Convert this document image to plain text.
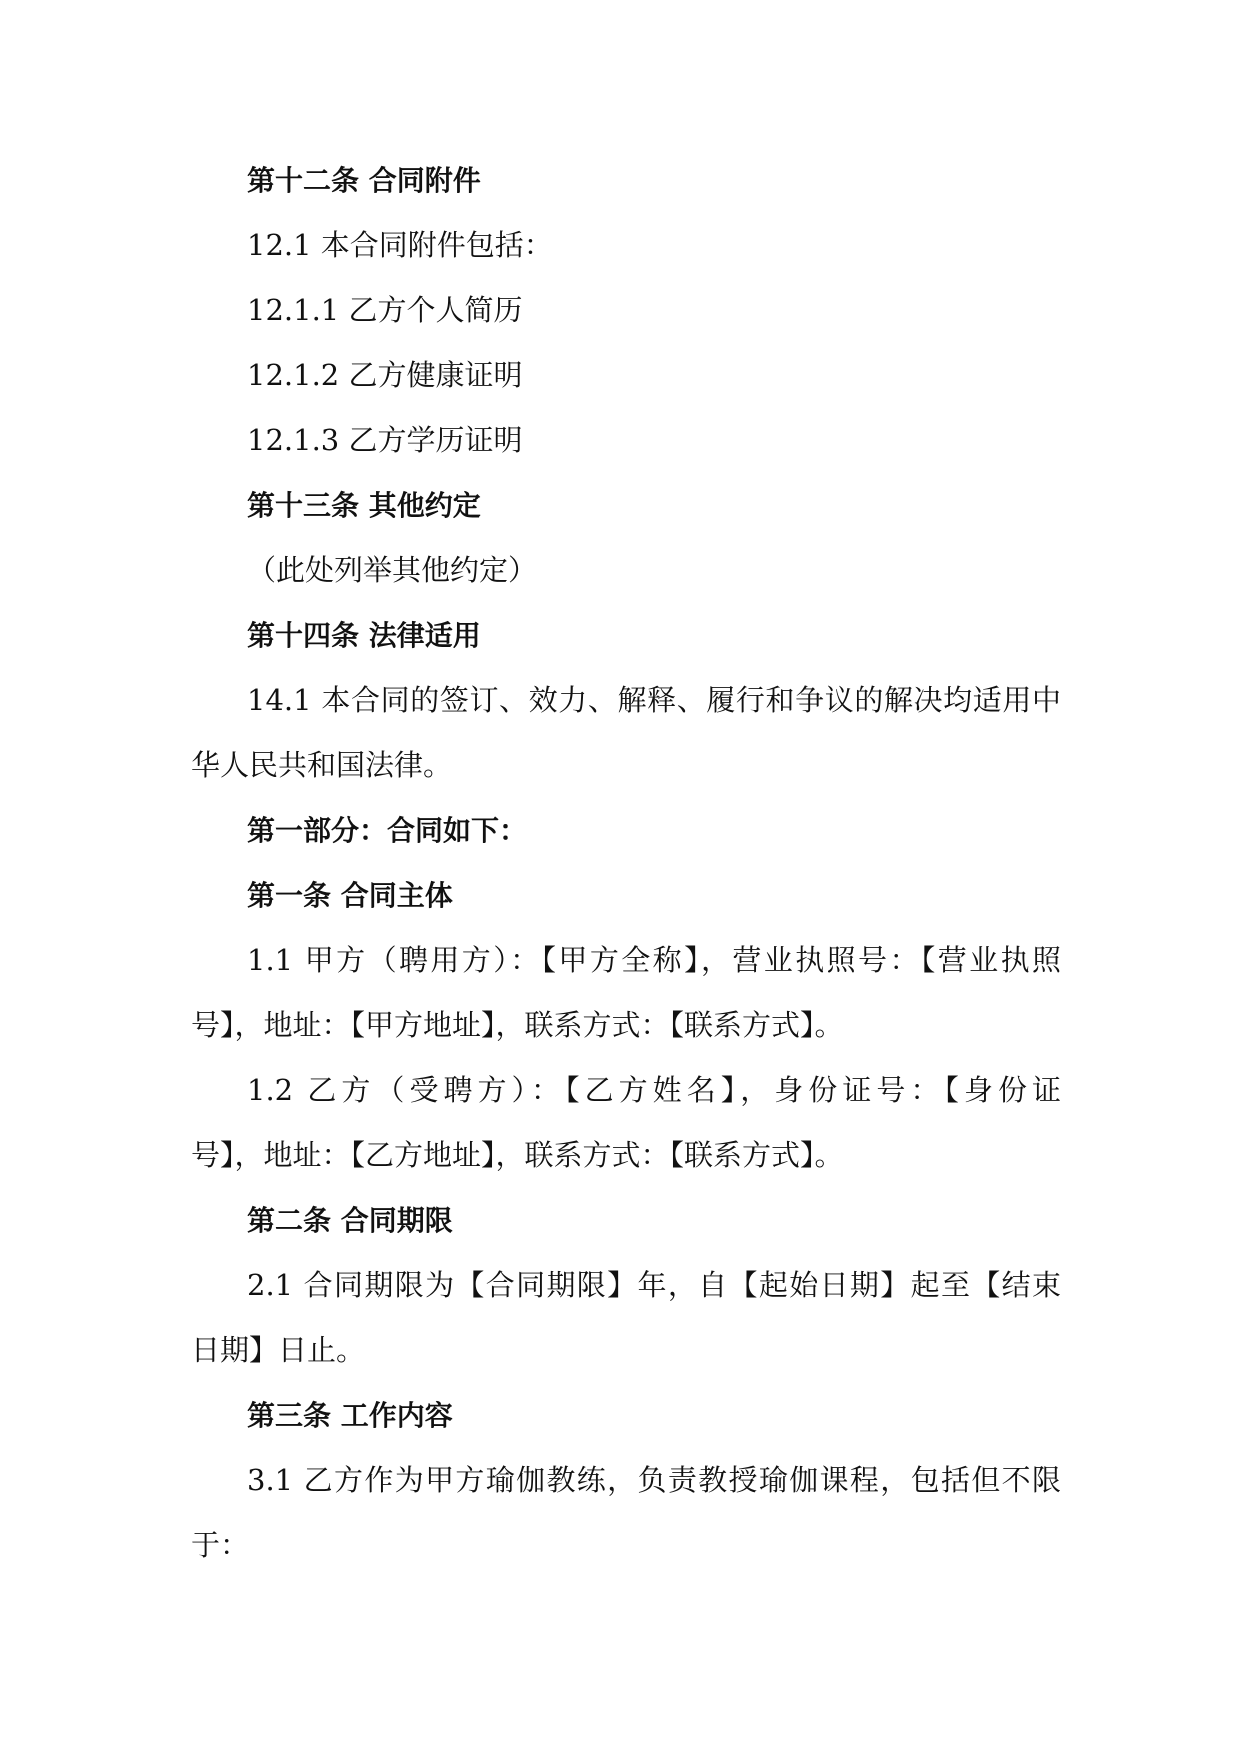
第十二条 合同附件
12.1 本合同附件包括：
12.1.1 乙方个人简历
12.1.2 乙方健康证明
12.1.3 乙方学历证明
第十三条 其他约定
（此处列举其他约定）
第十四条 法律适用
14.1 本合同的签订、效力、解释、履行和争议的解决均适用中
华人民共和国法律。
第一部分：合同如下：
第一条 合同主体
1.1 甲方（聘用方）：【甲方全称】，营业执照号：【营业执照
号】，地址：【甲方地址】，联系方式：【联系方式】。
1.2 乙方（受聘方）：【乙方姓名】，身份证号：【身份证
号】，地址：【乙方地址】，联系方式：【联系方式】。
第二条 合同期限
2.1 合同期限为【合同期限】年，自【起始日期】起至【结束
日期】日止。
第三条 工作内容
3.1 乙方作为甲方瑜伽教练，负责教授瑜伽课程，包括但不限
于：
